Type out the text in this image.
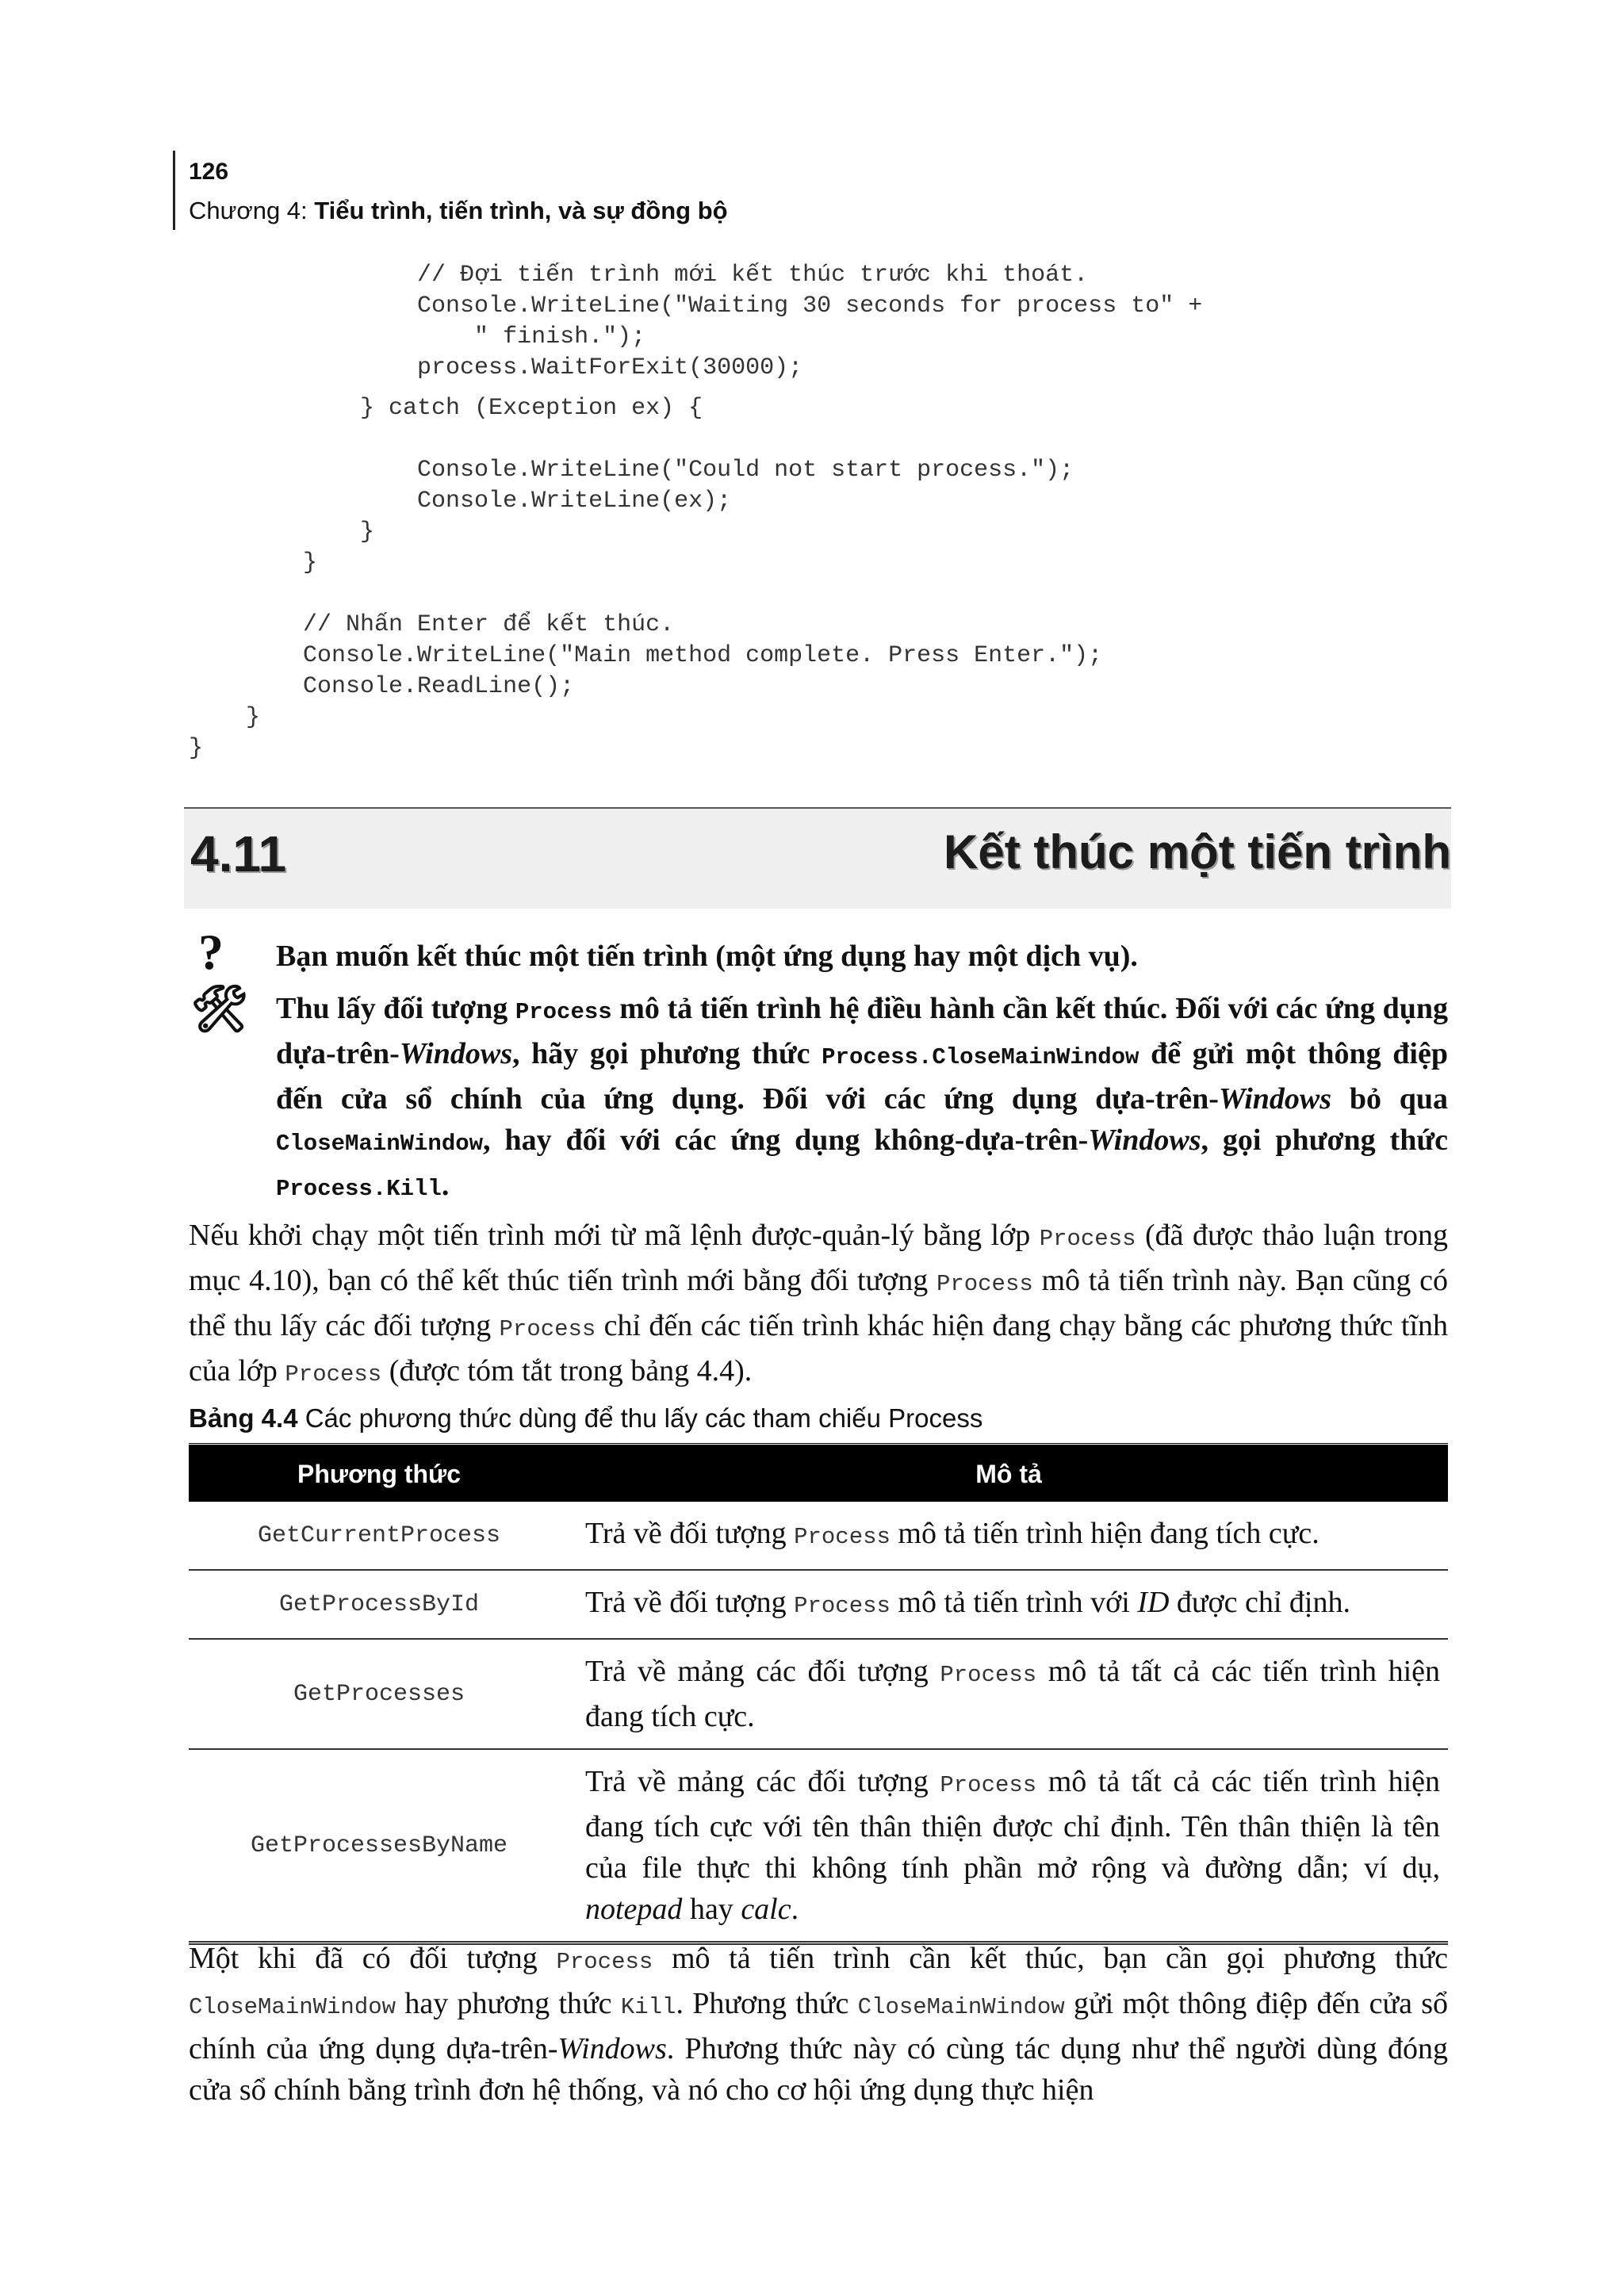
126
Chương 4: Tiểu trình, tiến trình, và sự đồng bộ
// Đợi tiến trình mới kết thúc trước khi thoát.
Console.WriteLine("Waiting 30 seconds for process to" +
" finish.");
process.WaitForExit(30000);
} catch (Exception ex) {

Console.WriteLine("Could not start process.");
Console.WriteLine(ex);
}
}

// Nhấn Enter để kết thúc.
Console.WriteLine("Main method complete. Press Enter.");
Console.ReadLine();
}
}
4.11	Kết thúc một tiến trình
?
🛠
Bạn muốn kết thúc một tiến trình (một ứng dụng hay một dịch vụ).
Thu lấy đối tượng Process mô tả tiến trình hệ điều hành cần kết thúc. Đối với các ứng dụng dựa-trên-Windows, hãy gọi phương thức Process.CloseMainWindow để gửi một thông điệp đến cửa sổ chính của ứng dụng. Đối với các ứng dụng dựa-trên-Windows bỏ qua CloseMainWindow, hay đối với các ứng dụng không-dựa-trên-Windows, gọi phương thức Process.Kill.
Nếu khởi chạy một tiến trình mới từ mã lệnh được-quản-lý bằng lớp Process (đã được thảo luận trong mục 4.10), bạn có thể kết thúc tiến trình mới bằng đối tượng Process mô tả tiến trình này. Bạn cũng có thể thu lấy các đối tượng Process chỉ đến các tiến trình khác hiện đang chạy bằng các phương thức tĩnh của lớp Process (được tóm tắt trong bảng 4.4).
Bảng 4.4 Các phương thức dùng để thu lấy các tham chiếu Process
Phương thức	Mô tả
GetCurrentProcess	Trả về đối tượng Process mô tả tiến trình hiện đang tích cực.
GetProcessById	Trả về đối tượng Process mô tả tiến trình với ID được chỉ định.
GetProcesses	Trả về mảng các đối tượng Process mô tả tất cả các tiến trình hiện đang tích cực.
GetProcessesByName	Trả về mảng các đối tượng Process mô tả tất cả các tiến trình hiện đang tích cực với tên thân thiện được chỉ định. Tên thân thiện là tên của file thực thi không tính phần mở rộng và đường dẫn; ví dụ, notepad hay calc.
Một khi đã có đối tượng Process mô tả tiến trình cần kết thúc, bạn cần gọi phương thức CloseMainWindow hay phương thức Kill. Phương thức CloseMainWindow gửi một thông điệp đến cửa sổ chính của ứng dụng dựa-trên-Windows. Phương thức này có cùng tác dụng như thể người dùng đóng cửa sổ chính bằng trình đơn hệ thống, và nó cho cơ hội ứng dụng thực hiện
